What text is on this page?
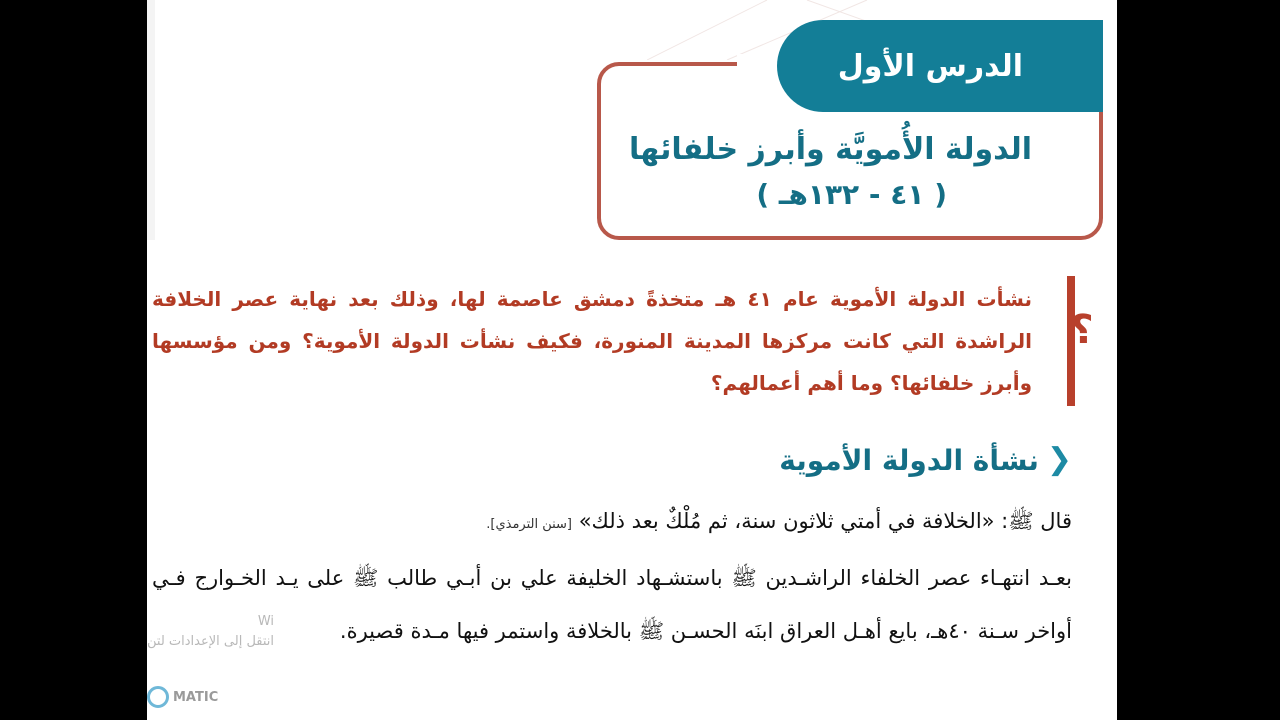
الدرس الأول
الدولة الأُمويَّة وأبرز خلفائها
( ٤١ - ١٣٢هـ )
؟
نشأت الدولة الأموية عام ٤١ هـ متخذةً دمشق عاصمة لها، وذلك بعد نهاية عصر الخلافة الراشدة التي كانت مركزها المدينة المنورة، فكيف نشأت الدولة الأموية؟ ومن مؤسسها وأبرز خلفائها؟ وما أهم أعمالهم؟
❮
نشأة الدولة الأموية
قال ﷺ: «الخلافة في أمتي ثلاثون سنة، ثم مُلْكٌ بعد ذلك» [سنن الترمذي].
بعـد انتهـاء عصر الخلفاء الراشـدين ﷺ باستشـهاد الخليفة علي بن أبـي طالب ﷺ على يـد الخـوارج فـي أواخر سـنة ٤٠هـ، بايع أهـل العراق ابنَه الحسـن ﷺ بالخلافة واستمر فيها مـدة قصيرة.
Wi
انتقل إلى الإعدادات لتن
MATIC
